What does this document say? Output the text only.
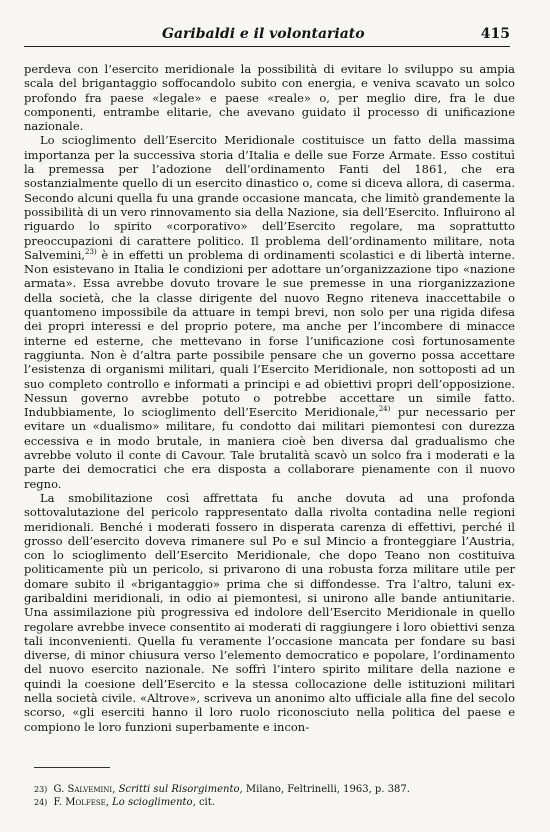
Garibaldi e il volontariato	415

perdeva con l’esercito meridionale la possibilità di evitare lo sviluppo su ampia scala del brigantaggio soffocandolo subito con energia, e veniva scavato un solco profondo fra paese «legale» e paese «reale» o, per meglio dire, fra le due componenti, entrambe elitarie, che avevano guidato il processo di unificazione nazionale.

Lo scioglimento dell’Esercito Meridionale costituisce un fatto della massima importanza per la successiva storia d’Italia e delle sue Forze Armate. Esso costituì la premessa per l’adozione dell’ordinamento Fanti del 1861, che era sostanzialmente quello di un esercito dinastico o, come si diceva allora, di caserma. Secondo alcuni quella fu una grande occasione mancata, che limitò grandemente la possibilità di un vero rinnovamento sia della Nazione, sia dell’Esercito. Influirono al riguardo lo spirito «corporativo» dell’Esercito regolare, ma soprattutto preoccupazioni di carattere politico. Il problema dell’ordinamento militare, nota Salvemini,$^{23)}$ è in effetti un problema di ordinamenti scolastici e di libertà interne. Non esistevano in Italia le condizioni per adottare un’organizzazione tipo «nazione armata». Essa avrebbe dovuto trovare le sue premesse in una riorganizzazione della società, che la classe dirigente del nuovo Regno riteneva inaccettabile o quantomeno impossibile da attuare in tempi brevi, non solo per una rigida difesa dei propri interessi e del proprio potere, ma anche per l’incombere di minacce interne ed esterne, che mettevano in forse l’unificazione così fortunosamente raggiunta. Non è d’altra parte possibile pensare che un governo possa accettare l’esistenza di organismi militari, quali l’Esercito Meridionale, non sottoposti ad un suo completo controllo e informati a principi e ad obiettivi propri dell’opposizione. Nessun governo avrebbe potuto o potrebbe accettare un simile fatto. Indubbiamente, lo scioglimento dell’Esercito Meridionale,$^{24)}$ pur necessario per evitare un «dualismo» militare, fu condotto dai militari piemontesi con durezza eccessiva e in modo brutale, in maniera cioè ben diversa dal gradualismo che avrebbe voluto il conte di Cavour. Tale brutalità scavò un solco fra i moderati e la parte dei democratici che era disposta a collaborare pienamente con il nuovo regno.

La smobilitazione così affrettata fu anche dovuta ad una profonda sottovalutazione del pericolo rappresentato dalla rivolta contadina nelle regioni meridionali. Benché i moderati fossero in disperata carenza di effettivi, perché il grosso dell’esercito doveva rimanere sul Po e sul Mincio a fronteggiare l’Austria, con lo scioglimento dell’Esercito Meridionale, che dopo Teano non costituiva politicamente più un pericolo, si privarono di una robusta forza militare utile per domare subito il «brigantaggio» prima che si diffondesse. Tra l’altro, taluni ex-garibaldini meridionali, in odio ai piemontesi, si unirono alle bande antiunitarie. Una assimilazione più progressiva ed indolore dell’Esercito Meridionale in quello regolare avrebbe invece consentito ai moderati di raggiungere i loro obiettivi senza tali inconvenienti. Quella fu veramente l’occasione mancata per fondare su basi diverse, di minor chiusura verso l’elemento democratico e popolare, l’ordinamento del nuovo esercito nazionale. Ne soffrì l’intero spirito militare della nazione e quindi la coesione dell’Esercito e la stessa collocazione delle istituzioni militari nella società civile. «Altrove», scriveva un anonimo alto ufficiale alla fine del secolo scorso, «gli eserciti hanno il loro ruolo riconosciuto nella politica del paese e compiono le loro funzioni superbamente e incon-

23) G. Salvemini, Scritti sul Risorgimento, Milano, Feltrinelli, 1963, p. 387.

24) F. Molfese, Lo scioglimento, cit.
